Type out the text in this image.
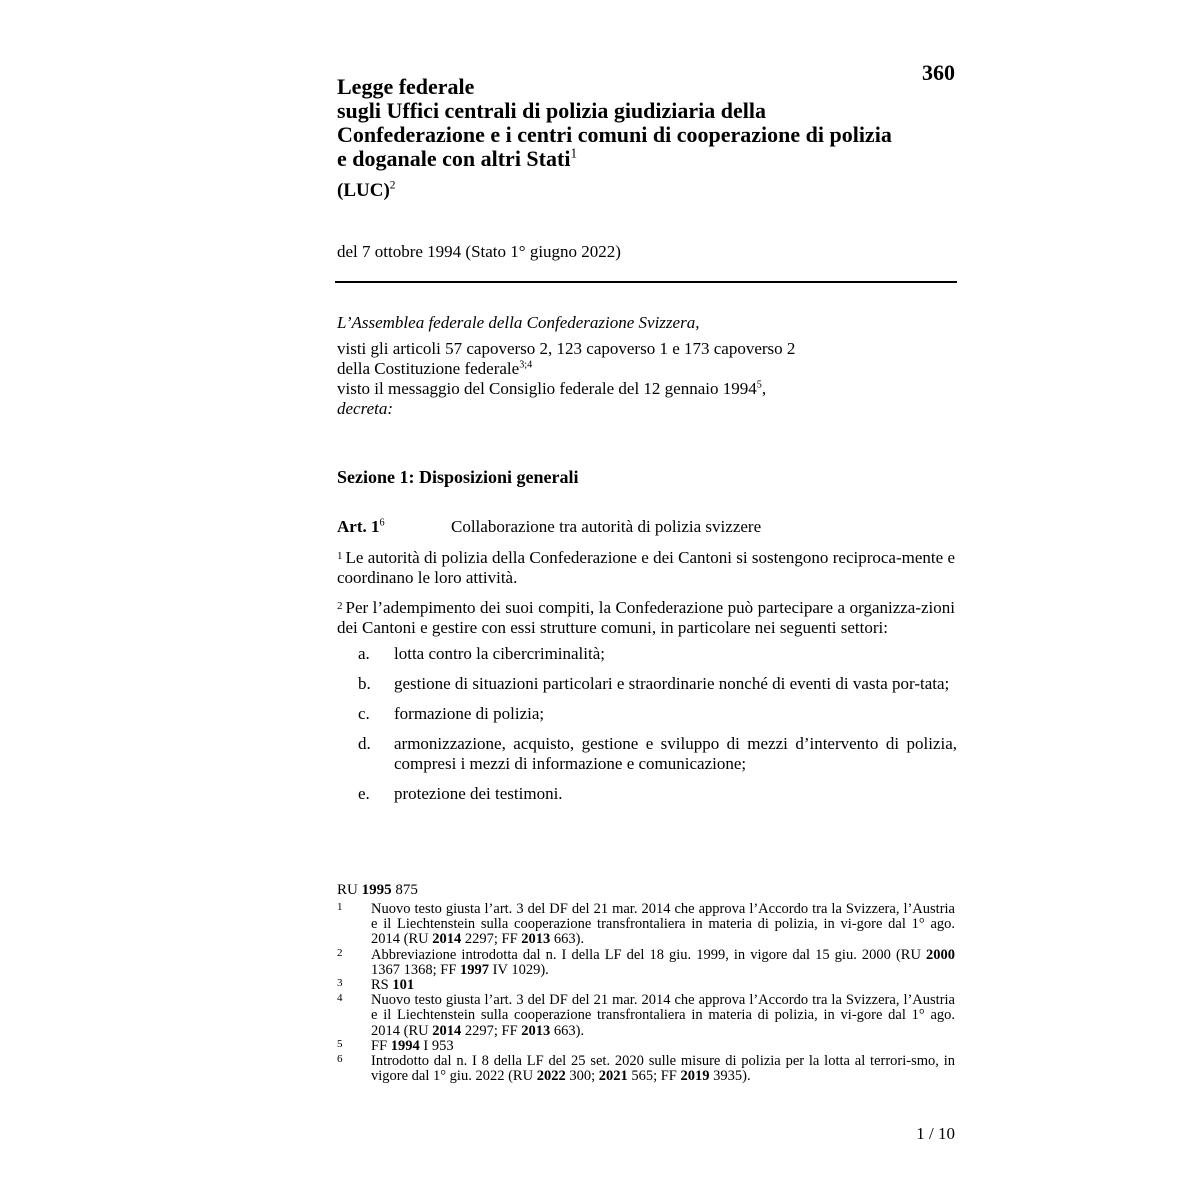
360
Legge federale
sugli Uffici centrali di polizia giudiziaria della
Confederazione e i centri comuni di cooperazione di polizia
e doganale con altri Stati$^1$
(LUC)$^2$
del 7 ottobre 1994 (Stato 1° giugno 2022)
L’Assemblea federale della Confederazione Svizzera,
visti gli articoli 57 capoverso 2, 123 capoverso 1 e 173 capoverso 2
della Costituzione federale$^{3;4}$
visto il messaggio del Consiglio federale del 12 gennaio 1994$^5$,
decreta:
Sezione 1: Disposizioni generali
Art. $1^6$	Collaborazione tra autorità di polizia svizzere
$^1$ Le autorità di polizia della Confederazione e dei Cantoni si sostengono reciproca-mente e coordinano le loro attività.
$^2$ Per l’adempimento dei suoi compiti, la Confederazione può partecipare a organizza-zioni dei Cantoni e gestire con essi strutture comuni, in particolare nei seguenti settori:
a. lotta contro la cibercriminalità;
b. gestione di situazioni particolari e straordinarie nonché di eventi di vasta por-tata;
c. formazione di polizia;
d. armonizzazione, acquisto, gestione e sviluppo di mezzi d’intervento di polizia, compresi i mezzi di informazione e comunicazione;
e. protezione dei testimoni.
RU 1995 875
1 Nuovo testo giusta l’art. 3 del DF del 21 mar. 2014 che approva l’Accordo tra la Svizzera, l’Austria e il Liechtenstein sulla cooperazione transfrontaliera in materia di polizia, in vi-gore dal 1° ago. 2014 (RU 2014 2297; FF 2013 663).
2 Abbreviazione introdotta dal n. I della LF del 18 giu. 1999, in vigore dal 15 giu. 2000 (RU 2000 1367 1368; FF 1997 IV 1029).
3 RS 101
4 Nuovo testo giusta l’art. 3 del DF del 21 mar. 2014 che approva l’Accordo tra la Svizzera, l’Austria e il Liechtenstein sulla cooperazione transfrontaliera in materia di polizia, in vi-gore dal 1° ago. 2014 (RU 2014 2297; FF 2013 663).
5 FF 1994 I 953
6 Introdotto dal n. I 8 della LF del 25 set. 2020 sulle misure di polizia per la lotta al terrori-smo, in vigore dal 1° giu. 2022 (RU 2022 300; 2021 565; FF 2019 3935).
1 / 10
